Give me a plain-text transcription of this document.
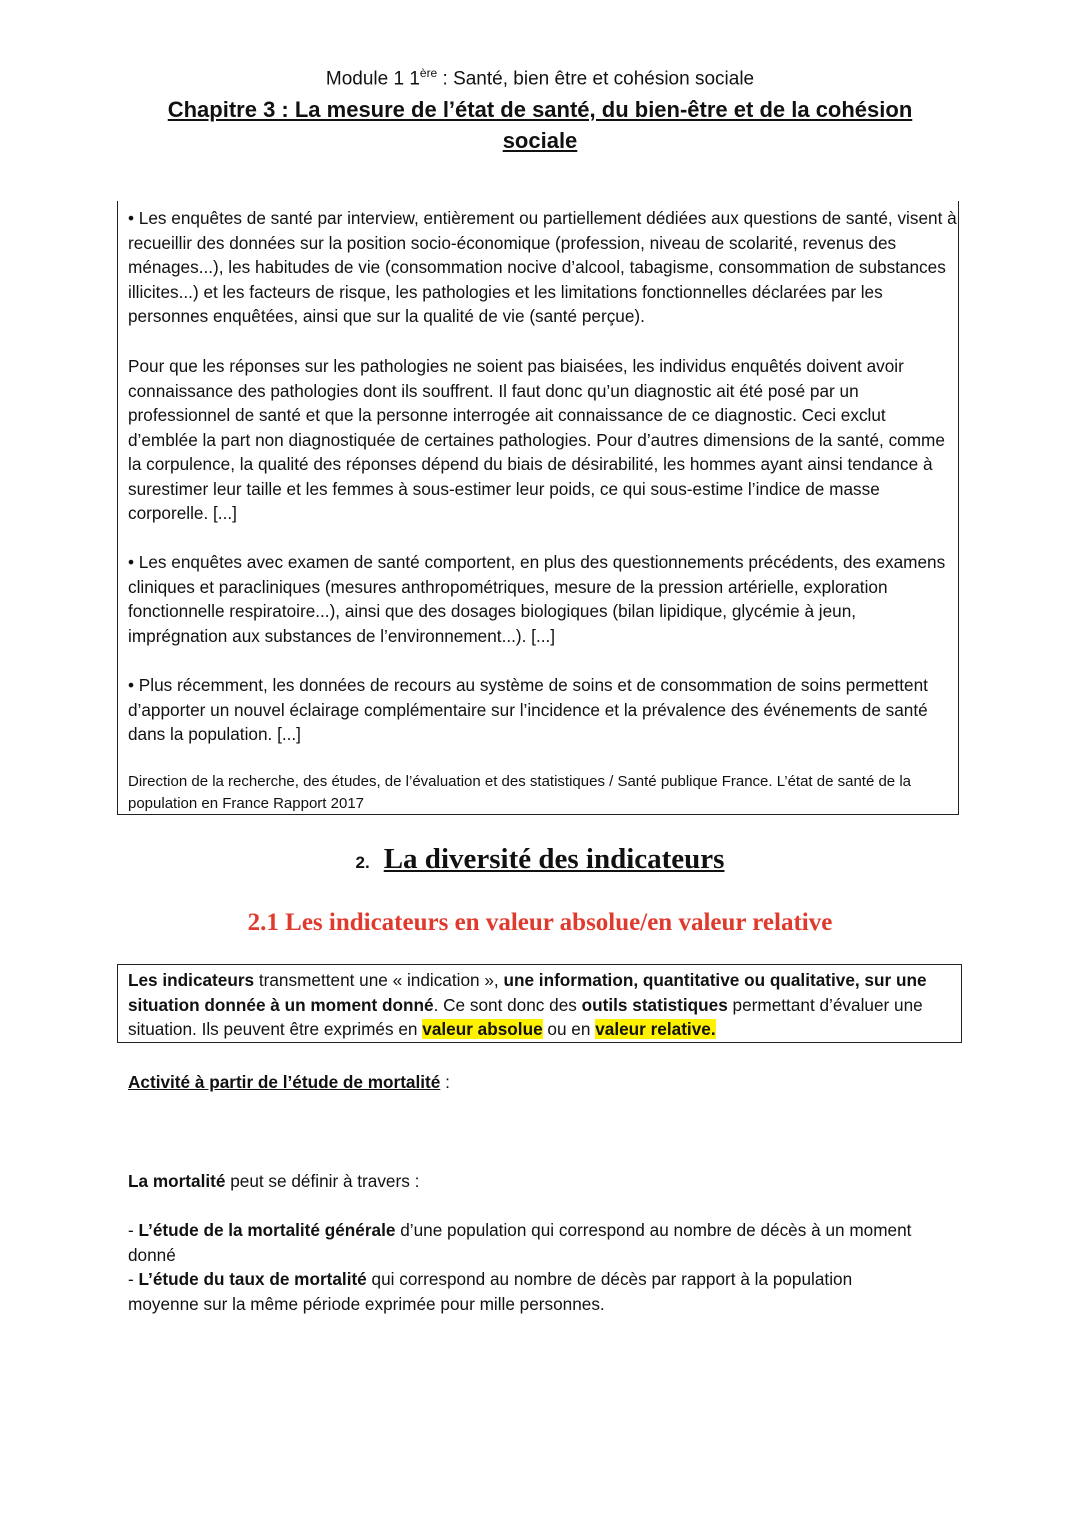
Module 1 1ère : Santé, bien être et cohésion sociale
Chapitre 3 : La mesure de l’état de santé, du bien-être et de la cohésion
sociale

• Les enquêtes de santé par interview, entièrement ou partiellement dédiées aux questions de santé, visent à recueillir des données sur la position socio-économique (profession, niveau de scolarité, revenus des ménages...), les habitudes de vie (consommation nocive d’alcool, tabagisme, consommation de substances illicites...) et les facteurs de risque, les pathologies et les limitations fonctionnelles déclarées par les personnes enquêtées, ainsi que sur la qualité de vie (santé perçue).

Pour que les réponses sur les pathologies ne soient pas biaisées, les individus enquêtés doivent avoir connaissance des pathologies dont ils souffrent. Il faut donc qu’un diagnostic ait été posé par un professionnel de santé et que la personne interrogée ait connaissance de ce diagnostic. Ceci exclut d’emblée la part non diagnostiquée de certaines pathologies. Pour d’autres dimensions de la santé, comme la corpulence, la qualité des réponses dépend du biais de désirabilité, les hommes ayant ainsi tendance à surestimer leur taille et les femmes à sous-estimer leur poids, ce qui sous-estime l’indice de masse corporelle. [...]

• Les enquêtes avec examen de santé comportent, en plus des questionnements précédents, des examens cliniques et paracliniques (mesures anthropométriques, mesure de la pression artérielle, exploration fonctionnelle respiratoire...), ainsi que des dosages biologiques (bilan lipidique, glycémie à jeun, imprégnation aux substances de l’environnement...). [...]

• Plus récemment, les données de recours au système de soins et de consommation de soins permettent d’apporter un nouvel éclairage complémentaire sur l’incidence et la prévalence des événements de santé dans la population. [...]

Direction de la recherche, des études, de l’évaluation et des statistiques / Santé publique France. L’état de santé de la population en France Rapport 2017

2. La diversité des indicateurs
2.1 Les indicateurs en valeur absolue/en valeur relative

Les indicateurs transmettent une « indication », une information, quantitative ou qualitative, sur une situation donnée à un moment donné. Ce sont donc des outils statistiques permettant d’évaluer une situation. Ils peuvent être exprimés en valeur absolue ou en valeur relative.

Activité à partir de l’étude de mortalité :

La mortalité peut se définir à travers :

- L’étude de la mortalité générale d’une population qui correspond au nombre de décès à un moment donné

- L’étude du taux de mortalité qui correspond au nombre de décès par rapport à la population moyenne sur la même période exprimée pour mille personnes.
